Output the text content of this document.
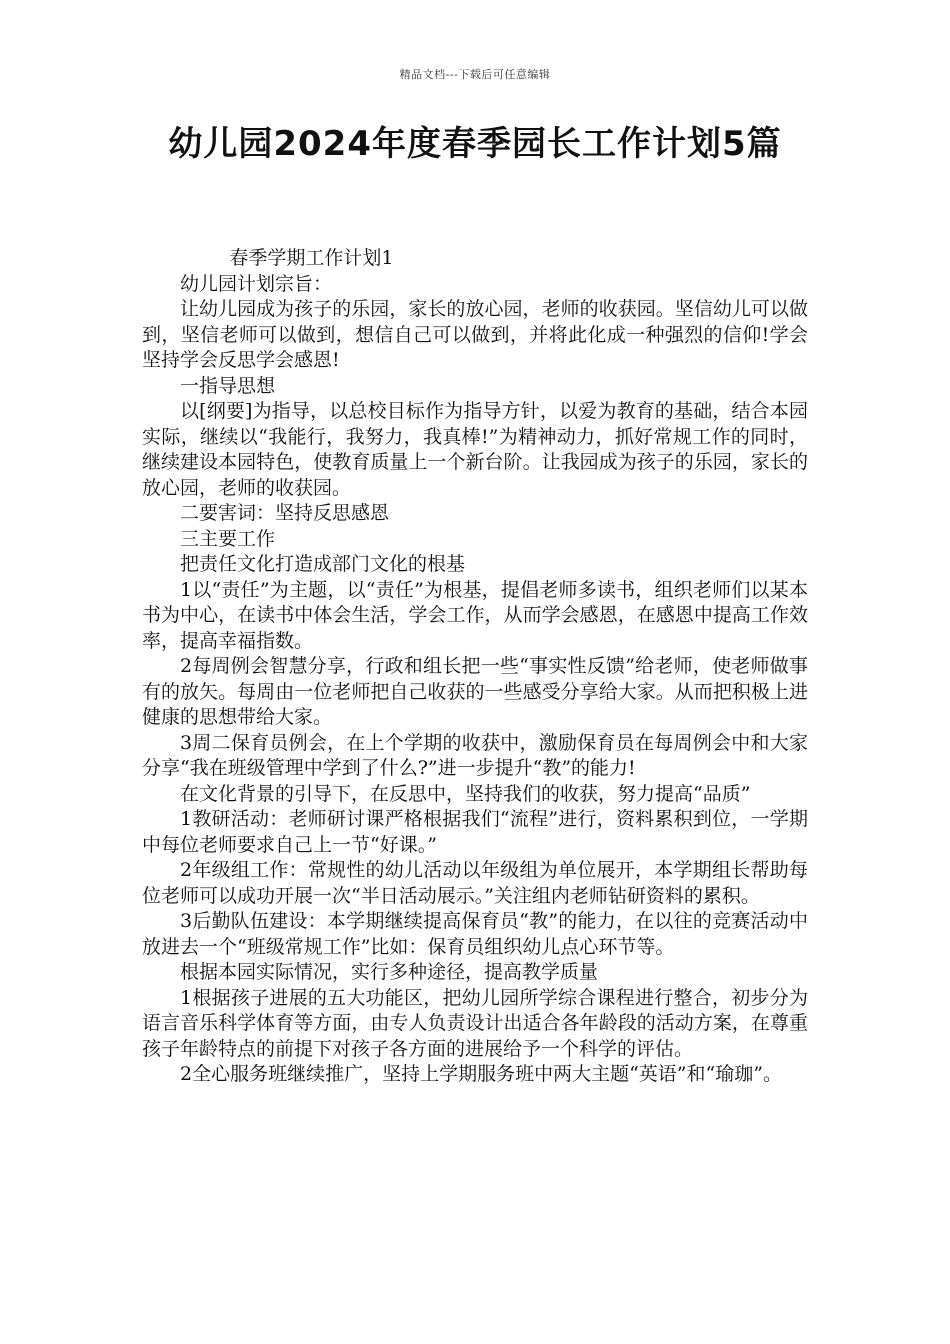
精品文档---下载后可任意编辑
幼儿园2024年度春季园长工作计划5篇

春季学期工作计划1

幼儿园计划宗旨：

让幼儿园成为孩子的乐园，家长的放心园，老师的收获园。坚信幼儿可以做到，坚信老师可以做到，想信自己可以做到，并将此化成一种强烈的信仰!学会坚持学会反思学会感恩!

一指导思想

以[纲要]为指导，以总校目标作为指导方针，以爱为教育的基础，结合本园实际，继续以“我能行，我努力，我真棒!”为精神动力，抓好常规工作的同时，继续建设本园特色，使教育质量上一个新台阶。让我园成为孩子的乐园，家长的放心园，老师的收获园。

二要害词：坚持反思感恩

三主要工作

把责任文化打造成部门文化的根基

1以“责任”为主题，以“责任”为根基，提倡老师多读书，组织老师们以某本书为中心，在读书中体会生活，学会工作，从而学会感恩，在感恩中提高工作效率，提高幸福指数。

2每周例会智慧分享，行政和组长把一些“事实性反馈”给老师，使老师做事有的放矢。每周由一位老师把自己收获的一些感受分享给大家。从而把积极上进健康的思想带给大家。

3周二保育员例会，在上个学期的收获中，激励保育员在每周例会中和大家分享“我在班级管理中学到了什么?”进一步提升“教”的能力!

在文化背景的引导下，在反思中，坚持我们的收获，努力提高“品质”

1教研活动：老师研讨课严格根据我们“流程”进行，资料累积到位，一学期中每位老师要求自己上一节“好课。”

2年级组工作：常规性的幼儿活动以年级组为单位展开，本学期组长帮助每位老师可以成功开展一次“半日活动展示。”关注组内老师钻研资料的累积。

3后勤队伍建设：本学期继续提高保育员“教”的能力，在以往的竞赛活动中放进去一个“班级常规工作”比如：保育员组织幼儿点心环节等。

根据本园实际情况，实行多种途径，提高教学质量

1根据孩子进展的五大功能区，把幼儿园所学综合课程进行整合，初步分为语言音乐科学体育等方面，由专人负责设计出适合各年龄段的活动方案，在尊重孩子年龄特点的前提下对孩子各方面的进展给予一个科学的评估。

2全心服务班继续推广，坚持上学期服务班中两大主题“英语”和“瑜珈”。
